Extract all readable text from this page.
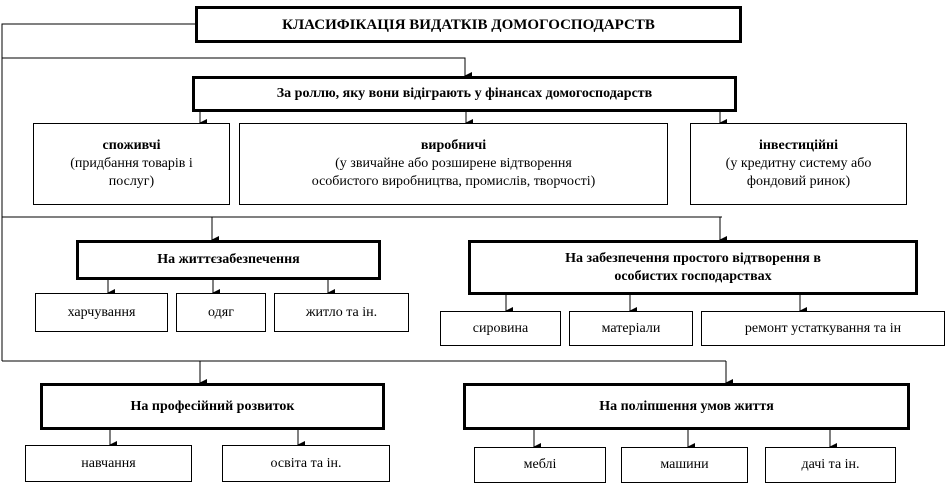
КЛАСИФІКАЦІЯ ВИДАТКІВ ДОМОГОСПОДАРСТВ
За роллю, яку вони відіграють у фінансах домогосподарств
споживчі
(придбання товарів і
послуг)
виробничі
(у звичайне або розширене відтворення
особистого виробництва, промислів, творчості)
інвестиційні
(у кредитну систему або
фондовий ринок)
На життєзабезпечення
харчування	одяг	житло та ін.
На забезпечення простого відтворення в
особистих господарствах
сировина	матеріали	ремонт устаткування та ін
На професійний розвиток
навчання	освіта та ін.
На поліпшення умов життя
меблі	машини	дачі та ін.
